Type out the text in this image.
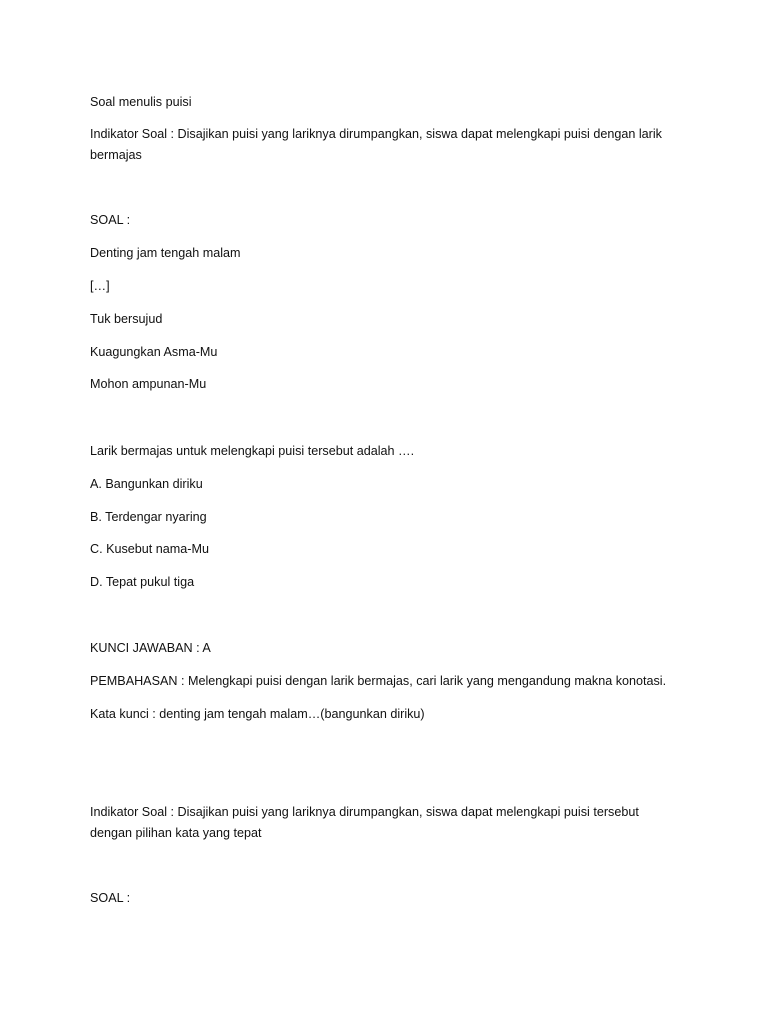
Soal menulis puisi

Indikator Soal : Disajikan puisi yang lariknya dirumpangkan, siswa dapat melengkapi puisi dengan larik bermajas

SOAL :

Denting jam tengah malam

[…]

Tuk bersujud

Kuagungkan Asma-Mu

Mohon ampunan-Mu

Larik bermajas untuk melengkapi puisi tersebut adalah ….

A. Bangunkan diriku

B. Terdengar nyaring

C. Kusebut nama-Mu

D. Tepat pukul tiga

KUNCI JAWABAN : A

PEMBAHASAN : Melengkapi puisi dengan larik bermajas, cari larik yang mengandung makna konotasi.

Kata kunci : denting jam tengah malam…(bangunkan diriku)

Indikator Soal : Disajikan puisi yang lariknya dirumpangkan, siswa dapat melengkapi puisi tersebut dengan pilihan kata yang tepat

SOAL :
